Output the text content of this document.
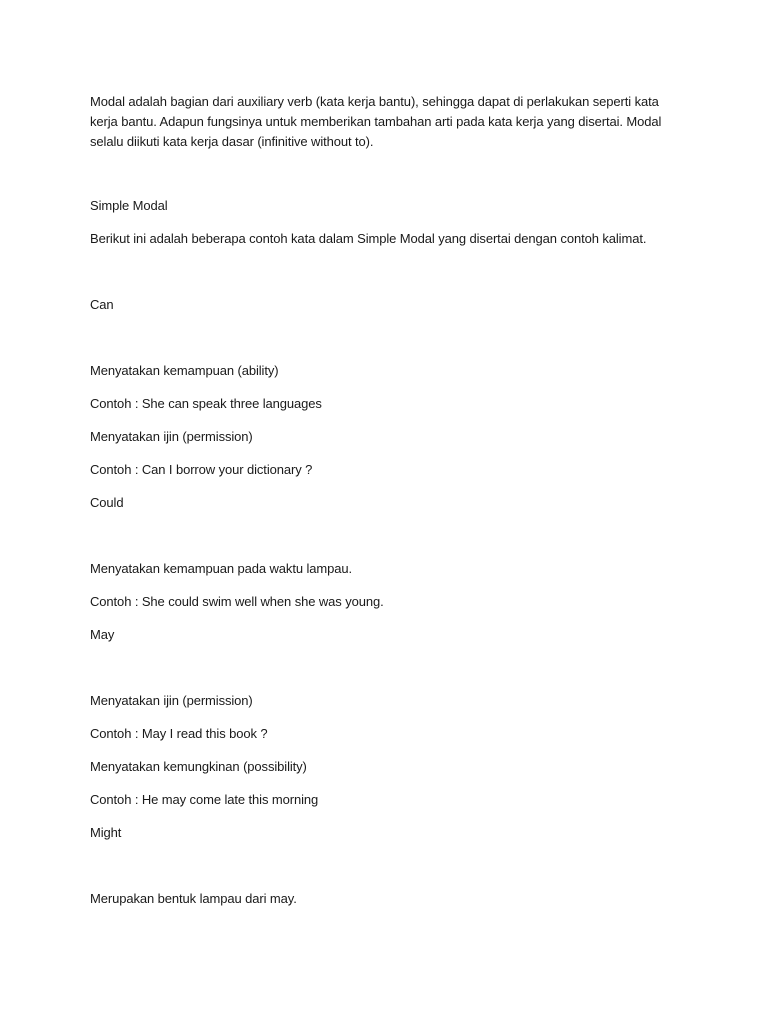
Modal adalah bagian dari auxiliary verb (kata kerja bantu), sehingga dapat di perlakukan seperti kata kerja bantu. Adapun fungsinya untuk memberikan tambahan arti pada kata kerja yang disertai. Modal selalu diikuti kata kerja dasar (infinitive without to).

Simple Modal

Berikut ini adalah beberapa contoh kata dalam Simple Modal yang disertai dengan contoh kalimat.

Can

Menyatakan kemampuan (ability)

Contoh : She can speak three languages

Menyatakan ijin (permission)

Contoh : Can I borrow your dictionary ?

Could

Menyatakan kemampuan pada waktu lampau.

Contoh : She could swim well when she was young.

May

Menyatakan ijin (permission)

Contoh : May I read this book ?

Menyatakan kemungkinan (possibility)

Contoh : He may come late this morning

Might

Merupakan bentuk lampau dari may.
